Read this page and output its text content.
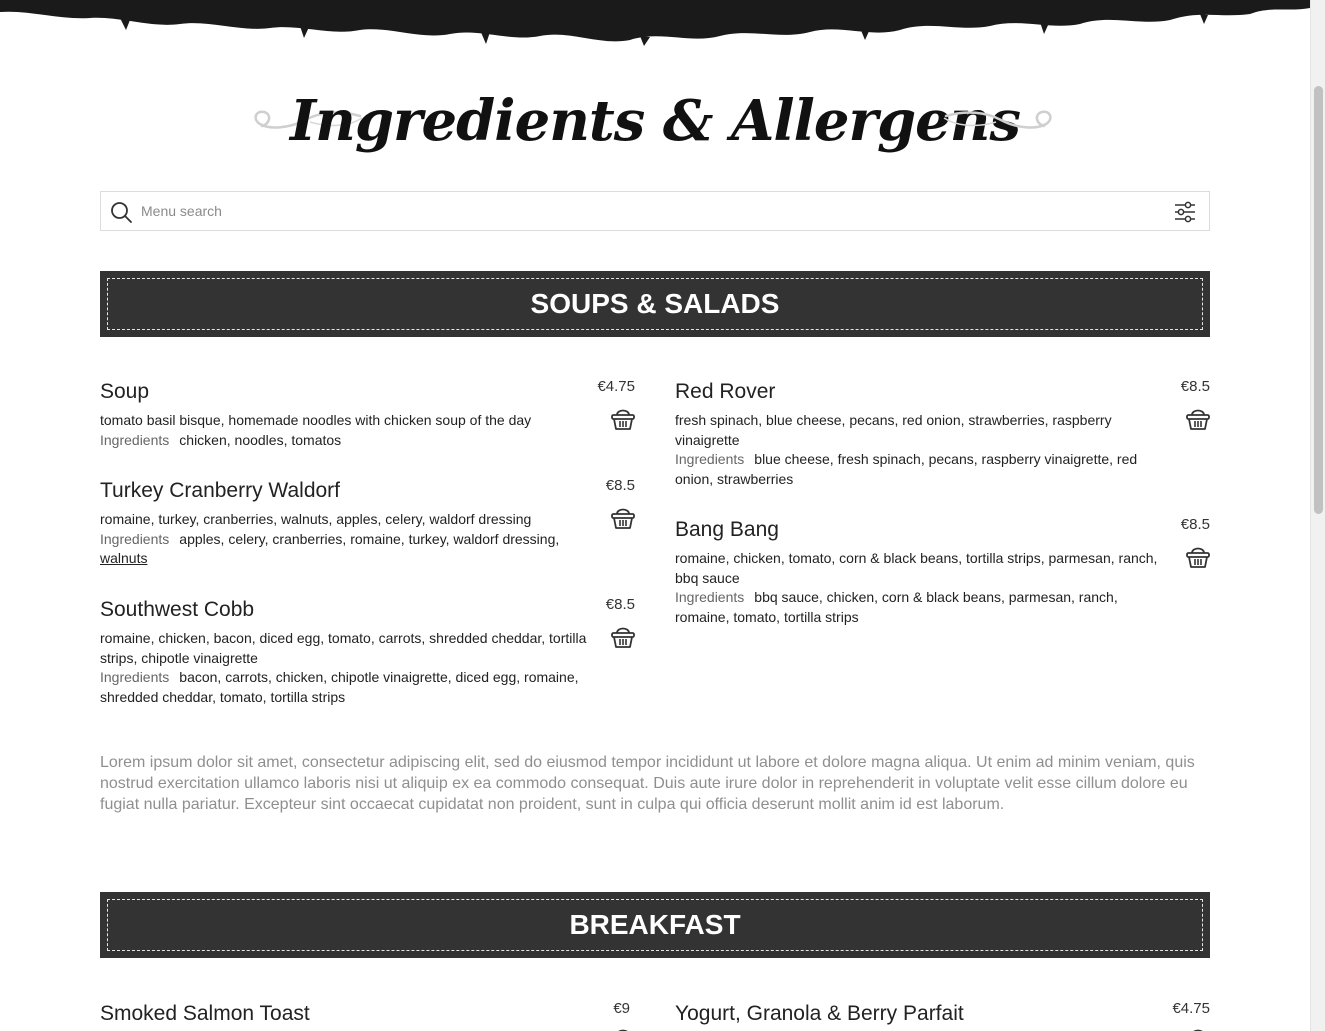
Ingredients & Allergens
Menu search
SOUPS & SALADS
Soup
tomato basil bisque, homemade noodles with chicken soup of the day
Ingredients chicken, noodles, tomatos
€4.75 Red Rover
fresh spinach, blue cheese, pecans, red onion, strawberries, raspberry vinaigrette
Ingredients blue cheese, fresh spinach, pecans, raspberry vinaigrette, red onion, strawberries
€8.5
Turkey Cranberry Waldorf
romaine, turkey, cranberries, walnuts, apples, celery, waldorf dressing
Ingredients apples, celery, cranberries, romaine, turkey, waldorf dressing, walnuts
€8.5
Bang Bang
romaine, chicken, tomato, corn & black beans, tortilla strips, parmesan, ranch, bbq sauce
Ingredients bbq sauce, chicken, corn & black beans, parmesan, ranch, romaine, tomato, tortilla strips
€8.5
Southwest Cobb
romaine, chicken, bacon, diced egg, tomato, carrots, shredded cheddar, tortilla strips, chipotle vinaigrette
Ingredients bacon, carrots, chicken, chipotle vinaigrette, diced egg, romaine, shredded cheddar, tomato, tortilla strips
€8.5

Lorem ipsum dolor sit amet, consectetur adipiscing elit, sed do eiusmod tempor incididunt ut labore et dolore magna aliqua. Ut enim ad minim veniam, quis nostrud exercitation ullamco laboris nisi ut aliquip ex ea commodo consequat. Duis aute irure dolor in reprehenderit in voluptate velit esse cillum dolore eu fugiat nulla pariatur. Excepteur sint occaecat cupidatat non proident, sunt in culpa qui officia deserunt mollit anim id est laborum.

BREAKFAST
Smoked Salmon Toast	€9 Yogurt, Granola & Berry Parfait	€4.75
